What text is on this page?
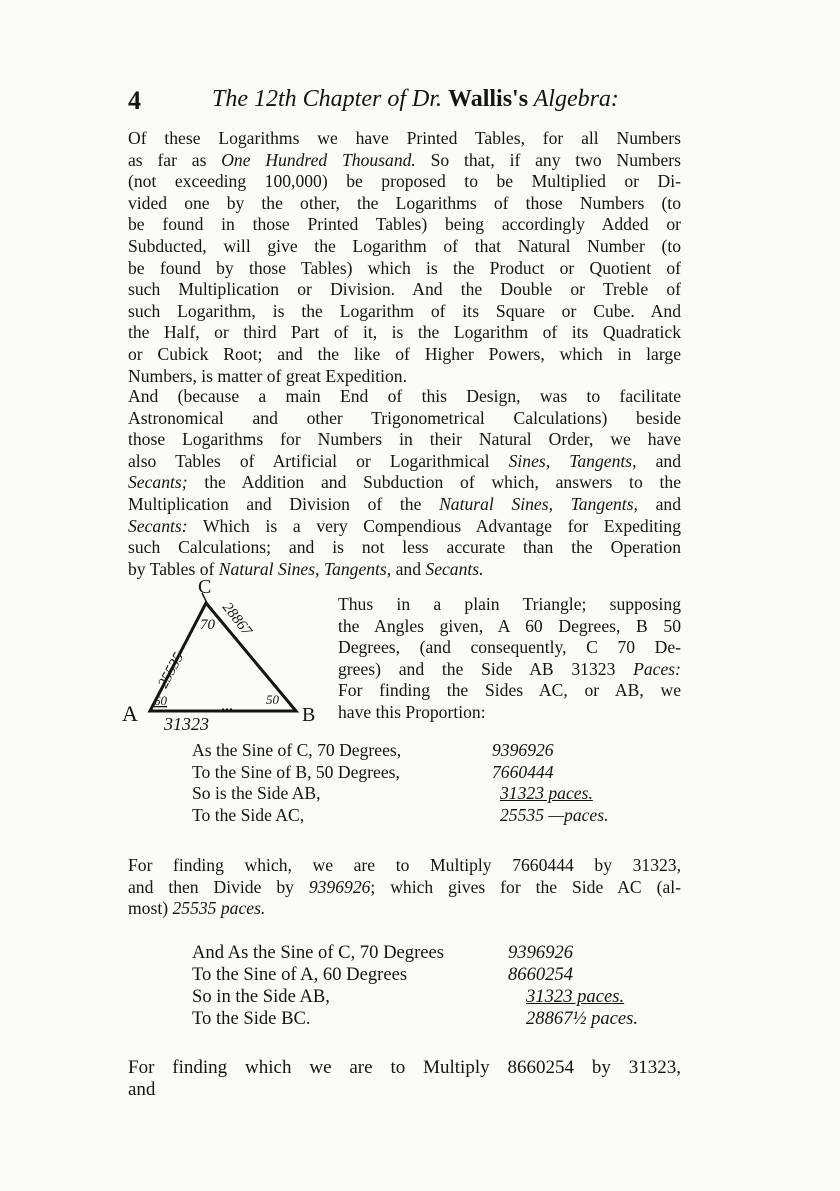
4	The 12th Chapter of Dr. Wallis's Algebra:
Of these Logarithms we have Printed Tables, for all Numbers
as far as One Hundred Thousand. So that, if any two Numbers
(not exceeding 100,000) be proposed to be Multiplied or Di-
vided one by the other, the Logarithms of those Numbers (to
be found in those Printed Tables) being accordingly Added or
Subducted, will give the Logarithm of that Natural Number (to
be found by those Tables) which is the Product or Quotient of
such Multiplication or Division. And the Double or Treble of
such Logarithm, is the Logarithm of its Square or Cube. And
the Half, or third Part of it, is the Logarithm of its Quadratick
or Cubick Root; and the like of Higher Powers, which in large
Numbers, is matter of great Expedition.
And (because a main End of this Design, was to facilitate
Astronomical and other Trigonometrical Calculations) beside
those Logarithms for Numbers in their Natural Order, we have
also Tables of Artificial or Logarithmical Sines, Tangents, and
Secants; the Addition and Subduction of which, answers to the
Multiplication and Division of the Natural Sines, Tangents, and
Secants: Which is a very Compendious Advantage for Expediting
such Calculations; and is not less accurate than the Operation
by Tables of Natural Sines, Tangents, and Secants.
C
A	B
70
60	50
31323
25535
28867	Thus in a plain Triangle; supposing
the Angles given, A 60 Degrees, B 50
Degrees, (and consequently, C 70 De-
grees) and the Side AB 31323 Paces:
For finding the Sides AC, or AB, we
have this Proportion:
As the Sine of C, 70 Degrees,	9396926
To the Sine of B, 50 Degrees,	7660444
So is the Side AB,	31323 paces.
To the Side AC,	25535 —paces.
For finding which, we are to Multiply 7660444 by 31323,
and then Divide by 9396926; which gives for the Side AC (al-
most) 25535 paces.
And As the Sine of C, 70 Degrees	9396926
To the Sine of A, 60 Degrees	8660254
So in the Side AB,	31323 paces.
To the Side BC.	28867½ paces.
For finding which we are to Multiply 8660254 by 31323,
and
